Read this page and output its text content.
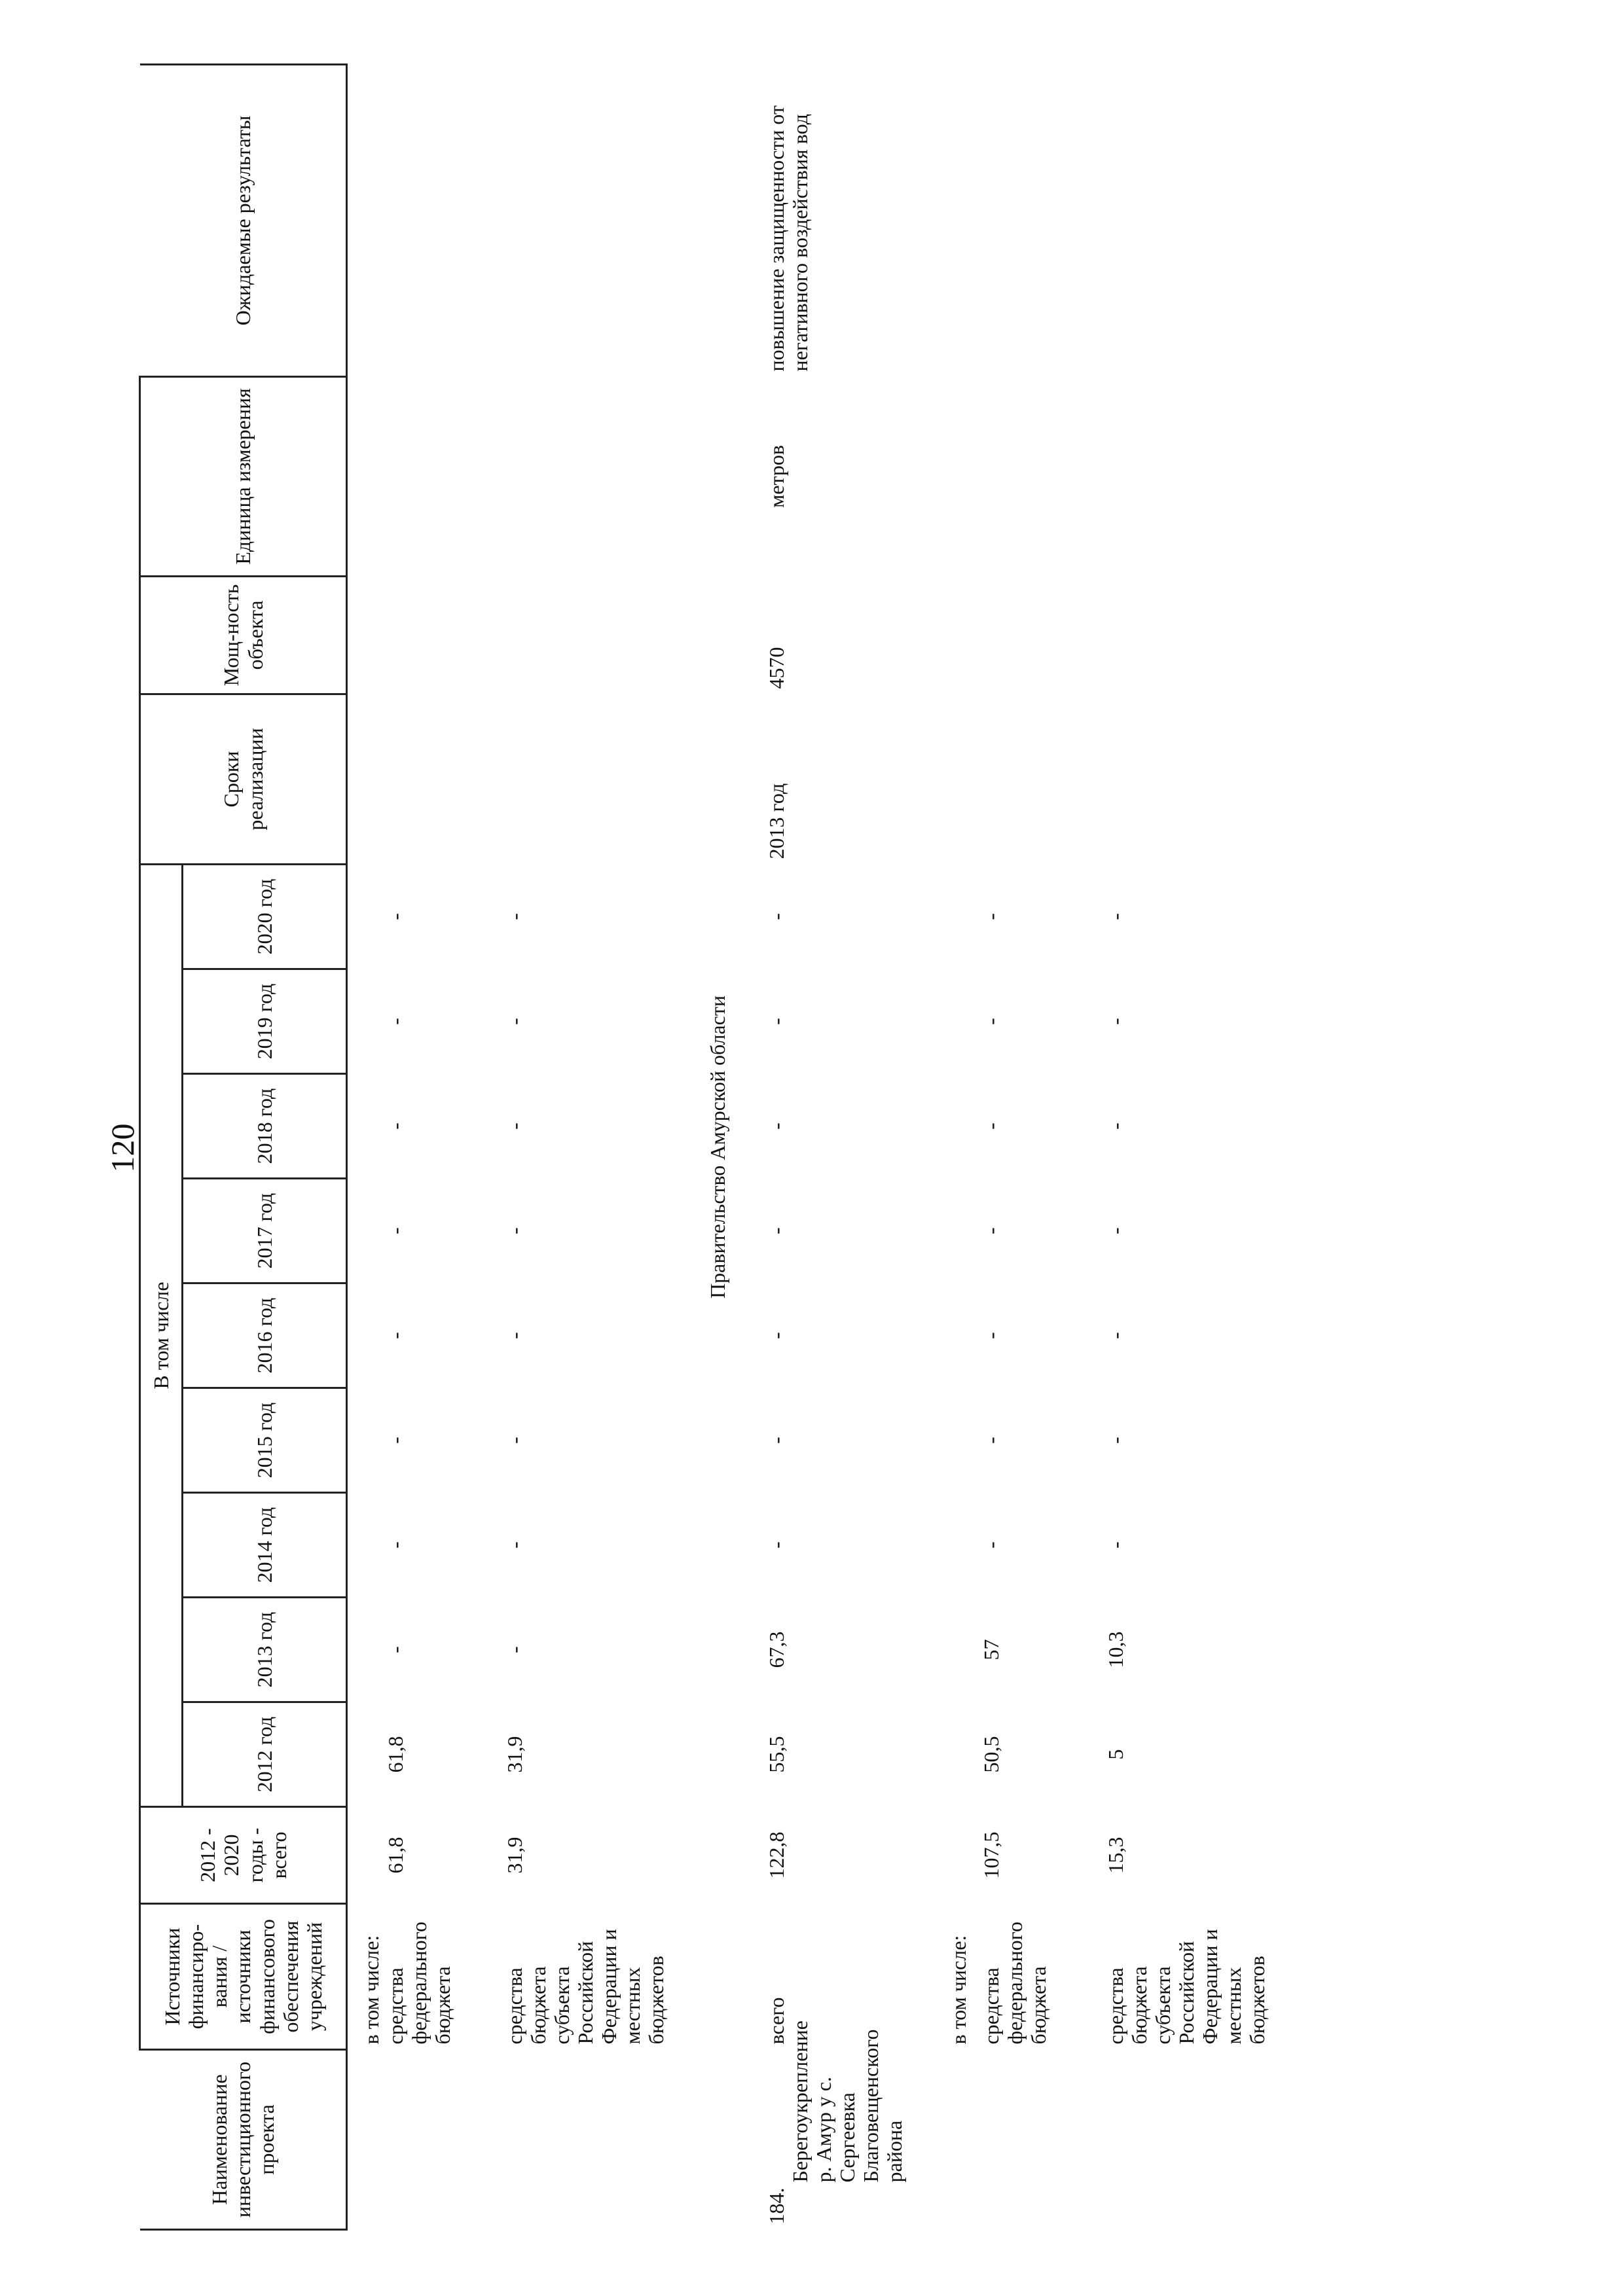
120
Наименование инвестиционного проекта	Источники финансиро-вания / источники финансового обеспечения учреждений	2012 - 2020 годы - всего	В том числе									Сроки реализации	Мощ-ность объекта	Единица измерения	Ожидаемые результаты
			2012 год	2013 год	2014 год	2015 год	2016 год	2017 год	2018 год	2019 год	2020 год				
	в том числе:														
	средства федерального бюджета	61,8	61,8	-	-	-	-	-	-	-	-				
	средства бюджета субъекта Российской Федерации и местных бюджетов	31,9	31,9	-	-	-	-	-	-	-	-				
Правительство Амурской области															

184. Берегоукрепление р. Амур у с. Сергеевка Благовещенского района	всего	122,8	55,5	67,3	-	-	-	-	-	-	-	2013 год	4570	метров	повышение защищенности от негативного воздействия вод
	в том числе:														
	средства федерального бюджета	107,5	50,5	57	-	-	-	-	-	-	-				
	средства бюджета субъекта Российской Федерации и местных бюджетов	15,3	5	10,3	-	-	-	-	-	-	-				
